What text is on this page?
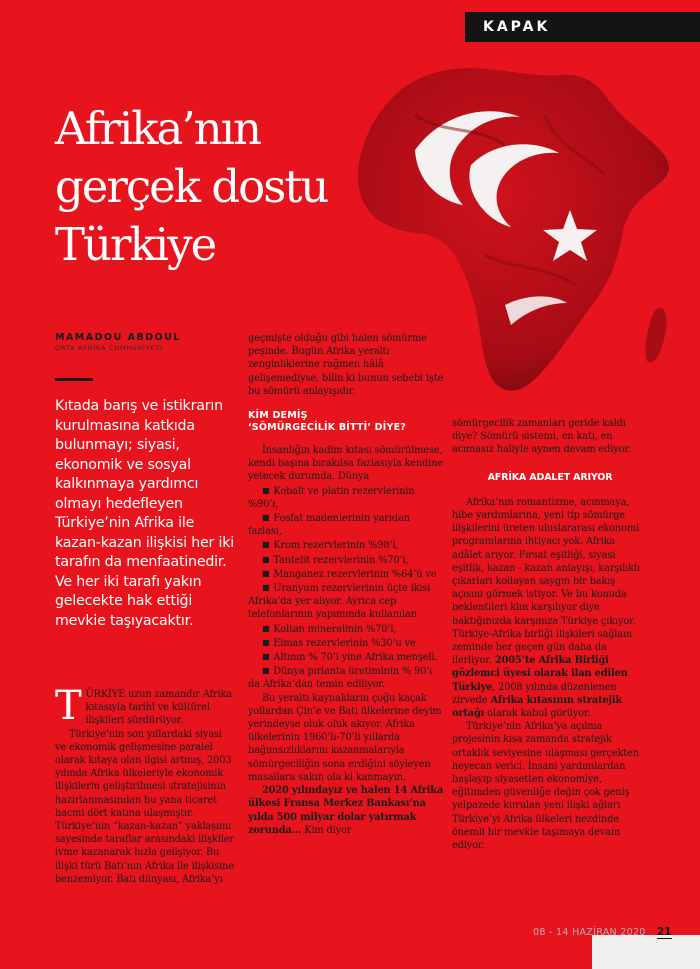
KAPAK
Afrika’nın
gerçek dostu
Türkiye
MAMADOU ABDOUL
ORTA AFRİKA CUMHURİYETİ

Kıtada barış ve istikrarın kurulmasına katkıda bulunmayı; siyasi, ekonomik ve sosyal kalkınmaya yardımcı olmayı hedefleyen Türkiye’nin Afrika ile kazan-kazan ilişkisi her iki tarafın da menfaatinedir. Ve her iki tarafı yakın gelecekte hak ettiği mevkie taşıyacaktır.

TÜRKİYE uzun zamandır Afrika kıtasıyla tarihî ve kültürel ilişkileri sürdürüyor.

Türkiye’nin son yıllardaki siyasi ve ekonomik gelişmesine paralel olarak kıtaya olan ilgisi artmış, 2003 yılında Afrika ülkeleriyle ekonomik ilişkilerin geliştirilmesi stratejisinin hazırlanmasından bu yana ticaret hacmi dört katına ulaşmıştır. Türkiye’nin “kazan-kazan” yaklaşımı sayesinde taraflar arasındaki ilişkiler ivme kazanarak hızla gelişiyor. Bu ilişki türü Batı’nın Afrika ile ilişkisine benzemiyor. Batı dünyası, Afrika’yı

geçmişte olduğu gibi halen sömürme peşinde. Bugün Afrika yeraltı zenginliklerine rağmen hâlâ gelişemediyse, bilin ki bunun sebebi işte bu sömürü anlayışıdır.

KİM DEMİŞ
‘SÖMÜRGECİLİK BİTTİ’ DİYE?

İnsanlığın kadim kıtası sömürülmese, kendi başına bırakılsa fazlasıyla kendine yetecek durumda. Dünya

■ Kobalt ve platin rezervlerinin %90’ı,
■ Fosfat madenlerinin yarıdan fazlası,
■ Krom rezervlerinin %98’i,
■ Tantelit rezervlerinin %70’i,
■ Manganez rezervlerinin %64’ü ve
■ Uranyum rezervlerinin üçte ikisi Afrika’da yer alıyor. Ayrıca cep telefonlarının yapımında kullanılan
■ Koltan mineralinin %70’i,
■ Elmas rezervlerinin %30’u ve
■ Altının % 70’i yine Afrika menşeli.
■ Dünya pırlanta üretiminin % 90’ı da Afrika’dan temin ediliyor.

Bu yeraltı kaynakların çoğu kaçak yollardan Çin’e ve Batı ülkelerine deyim yerindeyse oluk oluk akıyor. Afrika ülkelerinin 1960’lı-70’li yıllarda bağımsızlıklarını kazanmalarıyla sömürgeciliğin sona erdiğini söyleyen masallara sakın ola ki kanmayın.

2020 yılındayız ve halen 14 Afrika ülkesi Fransa Merkez Bankası’na yılda 500 milyar dolar yatırmak zorunda… Kim diyor

sömürgecilik zamanları geride kaldı diye? Sömürü sistemi, en katı, en acımasız haliyle aynen devam ediyor.

AFRİKA ADALET ARIYOR

Afrika’nın romantizme, acınmaya, hibe yardımlarına, yeni tip sömürge ilişkilerini üreten uluslararası ekonomi programlarına ihtiyacı yok. Afrika adâlet arıyor. Fırsat eşitliği, siyasi eşitlik, kazan - kazan anlayışı, karşılıklı çıkarları kollayan saygın bir bakış açısını görmek istiyor. Ve bu konuda beklentileri kim karşılıyor diye baktığınızda karşınıza Türkiye çıkıyor. Türkiye-Afrika birliği ilişkileri sağlam zeminde her geçen gün daha da ilerliyor. 2005’te Afrika Birliği gözlemci üyesi olarak ilan edilen Türkiye, 2008 yılında düzenlenen zirvede Afrika kıtasının stratejik ortağı olarak kabul görüyor.

Türkiye’nin Afrika’ya açılma projesinin kısa zamanda stratejik ortaklık seviyesine ulaşması gerçekten heyecan verici. İnsani yardımlardan başlayıp siyasetten ekonomiye, eğitimden güvenliğe değin çok geniş yelpazede kurulan yeni ilişki ağları Türkiye’yi Afrika ülkeleri nezdinde önemli bir mevkie taşımaya devam ediyor.

08 - 14 HAZİRAN 2020 21
